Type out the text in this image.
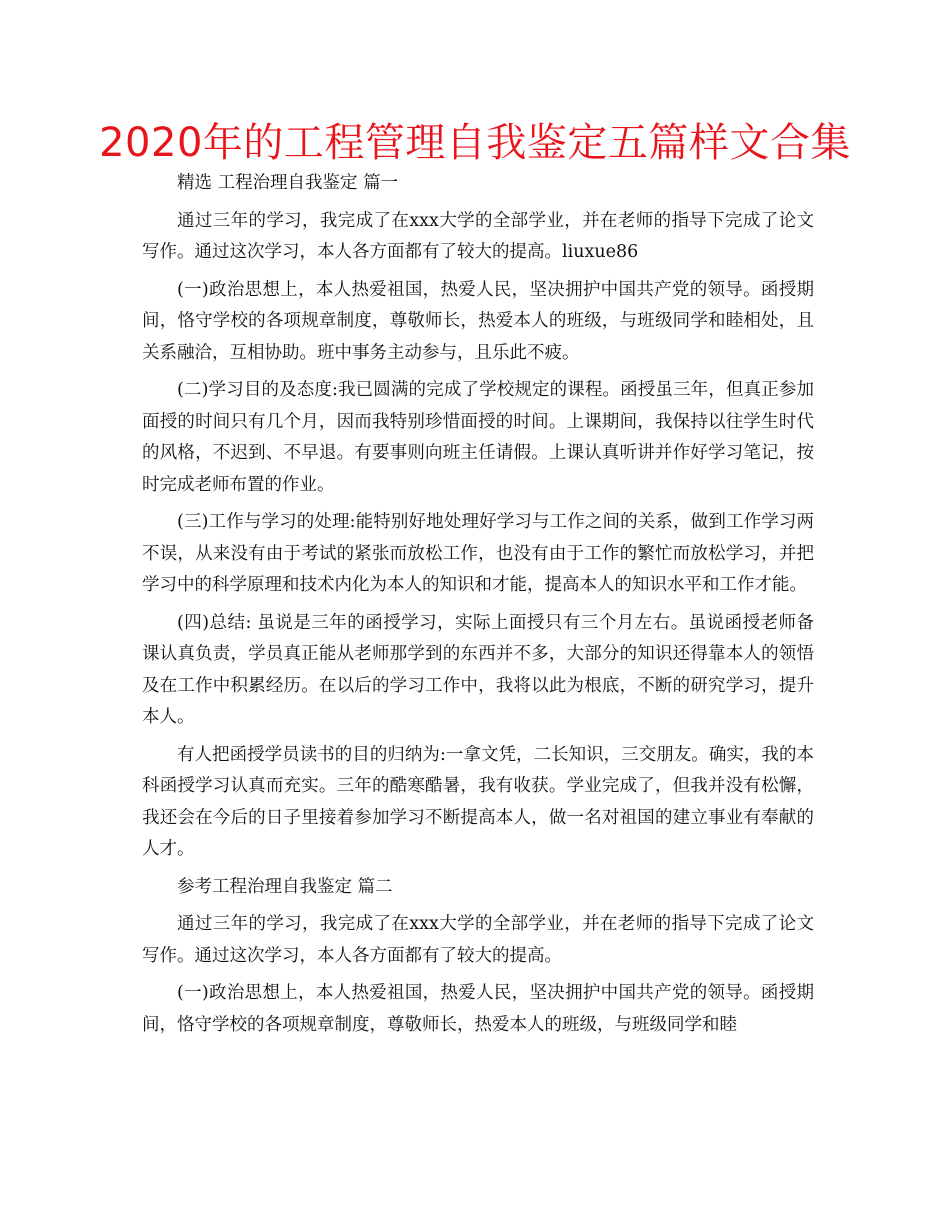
2020年的工程管理自我鉴定五篇样文合集

精选 工程治理自我鉴定 篇一

通过三年的学习，我完成了在xxx大学的全部学业，并在老师的指导下完成了论文写作。通过这次学习，本人各方面都有了较大的提高。liuxue86

(一)政治思想上，本人热爱祖国，热爱人民，坚决拥护中国共产党的领导。函授期间，恪守学校的各项规章制度，尊敬师长，热爱本人的班级，与班级同学和睦相处，且关系融洽，互相协助。班中事务主动参与，且乐此不疲。

(二)学习目的及态度:我已圆满的完成了学校规定的课程。函授虽三年，但真正参加面授的时间只有几个月，因而我特别珍惜面授的时间。上课期间，我保持以往学生时代的风格，不迟到、不早退。有要事则向班主任请假。上课认真听讲并作好学习笔记，按时完成老师布置的作业。

(三)工作与学习的处理:能特别好地处理好学习与工作之间的关系，做到工作学习两不误，从来没有由于考试的紧张而放松工作，也没有由于工作的繁忙而放松学习，并把学习中的科学原理和技术内化为本人的知识和才能，提高本人的知识水平和工作才能。

(四)总结: 虽说是三年的函授学习，实际上面授只有三个月左右。虽说函授老师备课认真负责，学员真正能从老师那学到的东西并不多，大部分的知识还得靠本人的领悟及在工作中积累经历。在以后的学习工作中，我将以此为根底，不断的研究学习，提升本人。

有人把函授学员读书的目的归纳为:一拿文凭，二长知识，三交朋友。确实，我的本科函授学习认真而充实。三年的酷寒酷暑，我有收获。学业完成了，但我并没有松懈，我还会在今后的日子里接着参加学习不断提高本人，做一名对祖国的建立事业有奉献的人才。

参考工程治理自我鉴定 篇二

通过三年的学习，我完成了在xxx大学的全部学业，并在老师的指导下完成了论文写作。通过这次学习，本人各方面都有了较大的提高。

(一)政治思想上，本人热爱祖国，热爱人民，坚决拥护中国共产党的领导。函授期间，恪守学校的各项规章制度，尊敬师长，热爱本人的班级，与班级同学和睦
